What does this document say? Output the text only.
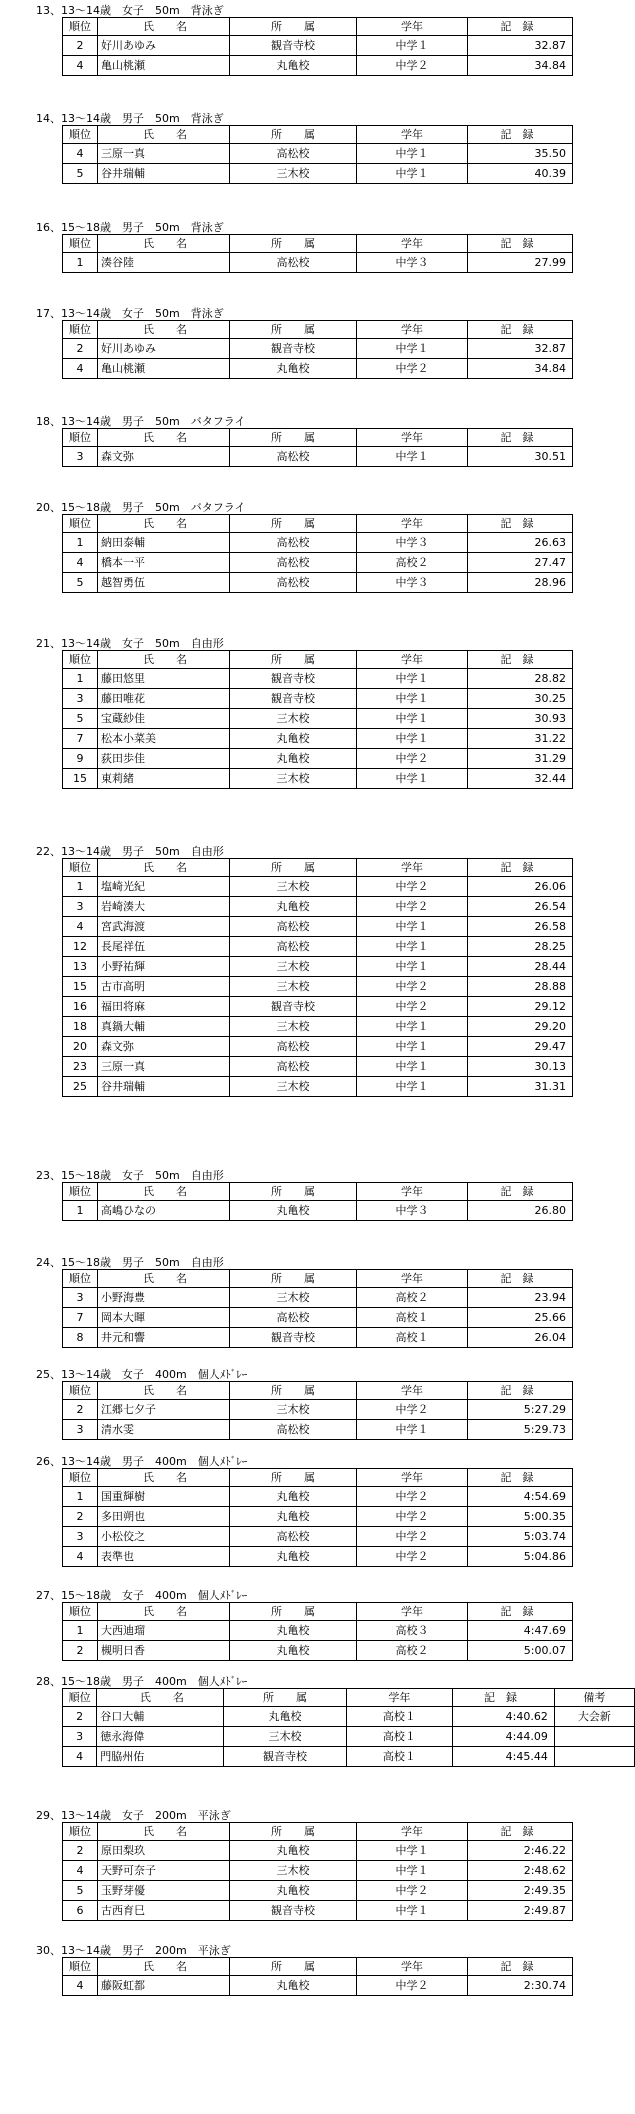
13、13～14歳　女子　50m　背泳ぎ
順位	氏　　名	所　　属	学年	記　録
2	好川あゆみ	観音寺校	中学１	32.87
4	亀山桃瀬	丸亀校	中学２	34.84
14、13～14歳　男子　50m　背泳ぎ
順位	氏　　名	所　　属	学年	記　録
4	三原一真	高松校	中学１	35.50
5	谷井瑞輔	三木校	中学１	40.39
16、15～18歳　男子　50m　背泳ぎ
順位	氏　　名	所　　属	学年	記　録
1	湊谷陸	高松校	中学３	27.99
17、13～14歳　女子　50m　背泳ぎ
順位	氏　　名	所　　属	学年	記　録
2	好川あゆみ	観音寺校	中学１	32.87
4	亀山桃瀬	丸亀校	中学２	34.84
18、13～14歳　男子　50m　バタフライ
順位	氏　　名	所　　属	学年	記　録
3	森文弥	高松校	中学１	30.51
20、15～18歳　男子　50m　バタフライ
順位	氏　　名	所　　属	学年	記　録
1	納田泰輔	高松校	中学３	26.63
4	橋本一平	高松校	高校２	27.47
5	越智勇伍	高松校	中学３	28.96
21、13～14歳　女子　50m　自由形
順位	氏　　名	所　　属	学年	記　録
1	藤田悠里	観音寺校	中学１	28.82
3	藤田唯花	観音寺校	中学１	30.25
5	宝蔵紗佳	三木校	中学１	30.93
7	松本小菜美	丸亀校	中学１	31.22
9	荻田歩佳	丸亀校	中学２	31.29
15	東莉緒	三木校	中学１	32.44
22、13～14歳　男子　50m　自由形
順位	氏　　名	所　　属	学年	記　録
1	塩崎光紀	三木校	中学２	26.06
3	岩崎湊大	丸亀校	中学２	26.54
4	宮武海渡	高松校	中学１	26.58
12	長尾祥伍	高松校	中学１	28.25
13	小野祐輝	三木校	中学１	28.44
15	古市高明	三木校	中学２	28.88
16	福田将麻	観音寺校	中学２	29.12
18	真鍋大輔	三木校	中学１	29.20
20	森文弥	高松校	中学１	29.47
23	三原一真	高松校	中学１	30.13
25	谷井瑞輔	三木校	中学１	31.31
23、15～18歳　女子　50m　自由形
順位	氏　　名	所　　属	学年	記　録
1	高嶋ひなの	丸亀校	中学３	26.80
24、15～18歳　男子　50m　自由形
順位	氏　　名	所　　属	学年	記　録
3	小野海豊	三木校	高校２	23.94
7	岡本大暉	高松校	高校１	25.66
8	井元和響	観音寺校	高校１	26.04
25、13～14歳　女子　400m　個人ﾒﾄﾞﾚｰ
順位	氏　　名	所　　属	学年	記　録
2	江郷七夕子	三木校	中学２	5:27.29
3	清水雯	高松校	中学１	5:29.73
26、13～14歳　男子　400m　個人ﾒﾄﾞﾚｰ
順位	氏　　名	所　　属	学年	記　録
1	国重輝樹	丸亀校	中学２	4:54.69
2	多田朔也	丸亀校	中学２	5:00.35
3	小松佼之	高松校	中学２	5:03.74
4	表準也	丸亀校	中学２	5:04.86
27、15～18歳　女子　400m　個人ﾒﾄﾞﾚｰ
順位	氏　　名	所　　属	学年	記　録
1	大西迪瑠	丸亀校	高校３	4:47.69
2	槻明日香	丸亀校	高校２	5:00.07
28、15～18歳　男子　400m　個人ﾒﾄﾞﾚｰ
順位	氏　　名	所　　属	学年	記　録	備考
2	谷口大輔	丸亀校	高校１	4:40.62	大会新
3	徳永海偉	三木校	高校１	4:44.09	
4	門脇州佑	観音寺校	高校１	4:45.44	
29、13～14歳　女子　200m　平泳ぎ
順位	氏　　名	所　　属	学年	記　録
2	原田梨玖	丸亀校	中学１	2:46.22
4	天野可奈子	三木校	中学１	2:48.62
5	玉野芽優	丸亀校	中学２	2:49.35
6	古西育巳	観音寺校	中学１	2:49.87
30、13～14歳　男子　200m　平泳ぎ
順位	氏　　名	所　　属	学年	記　録
4	藤阪虹都	丸亀校	中学２	2:30.74
